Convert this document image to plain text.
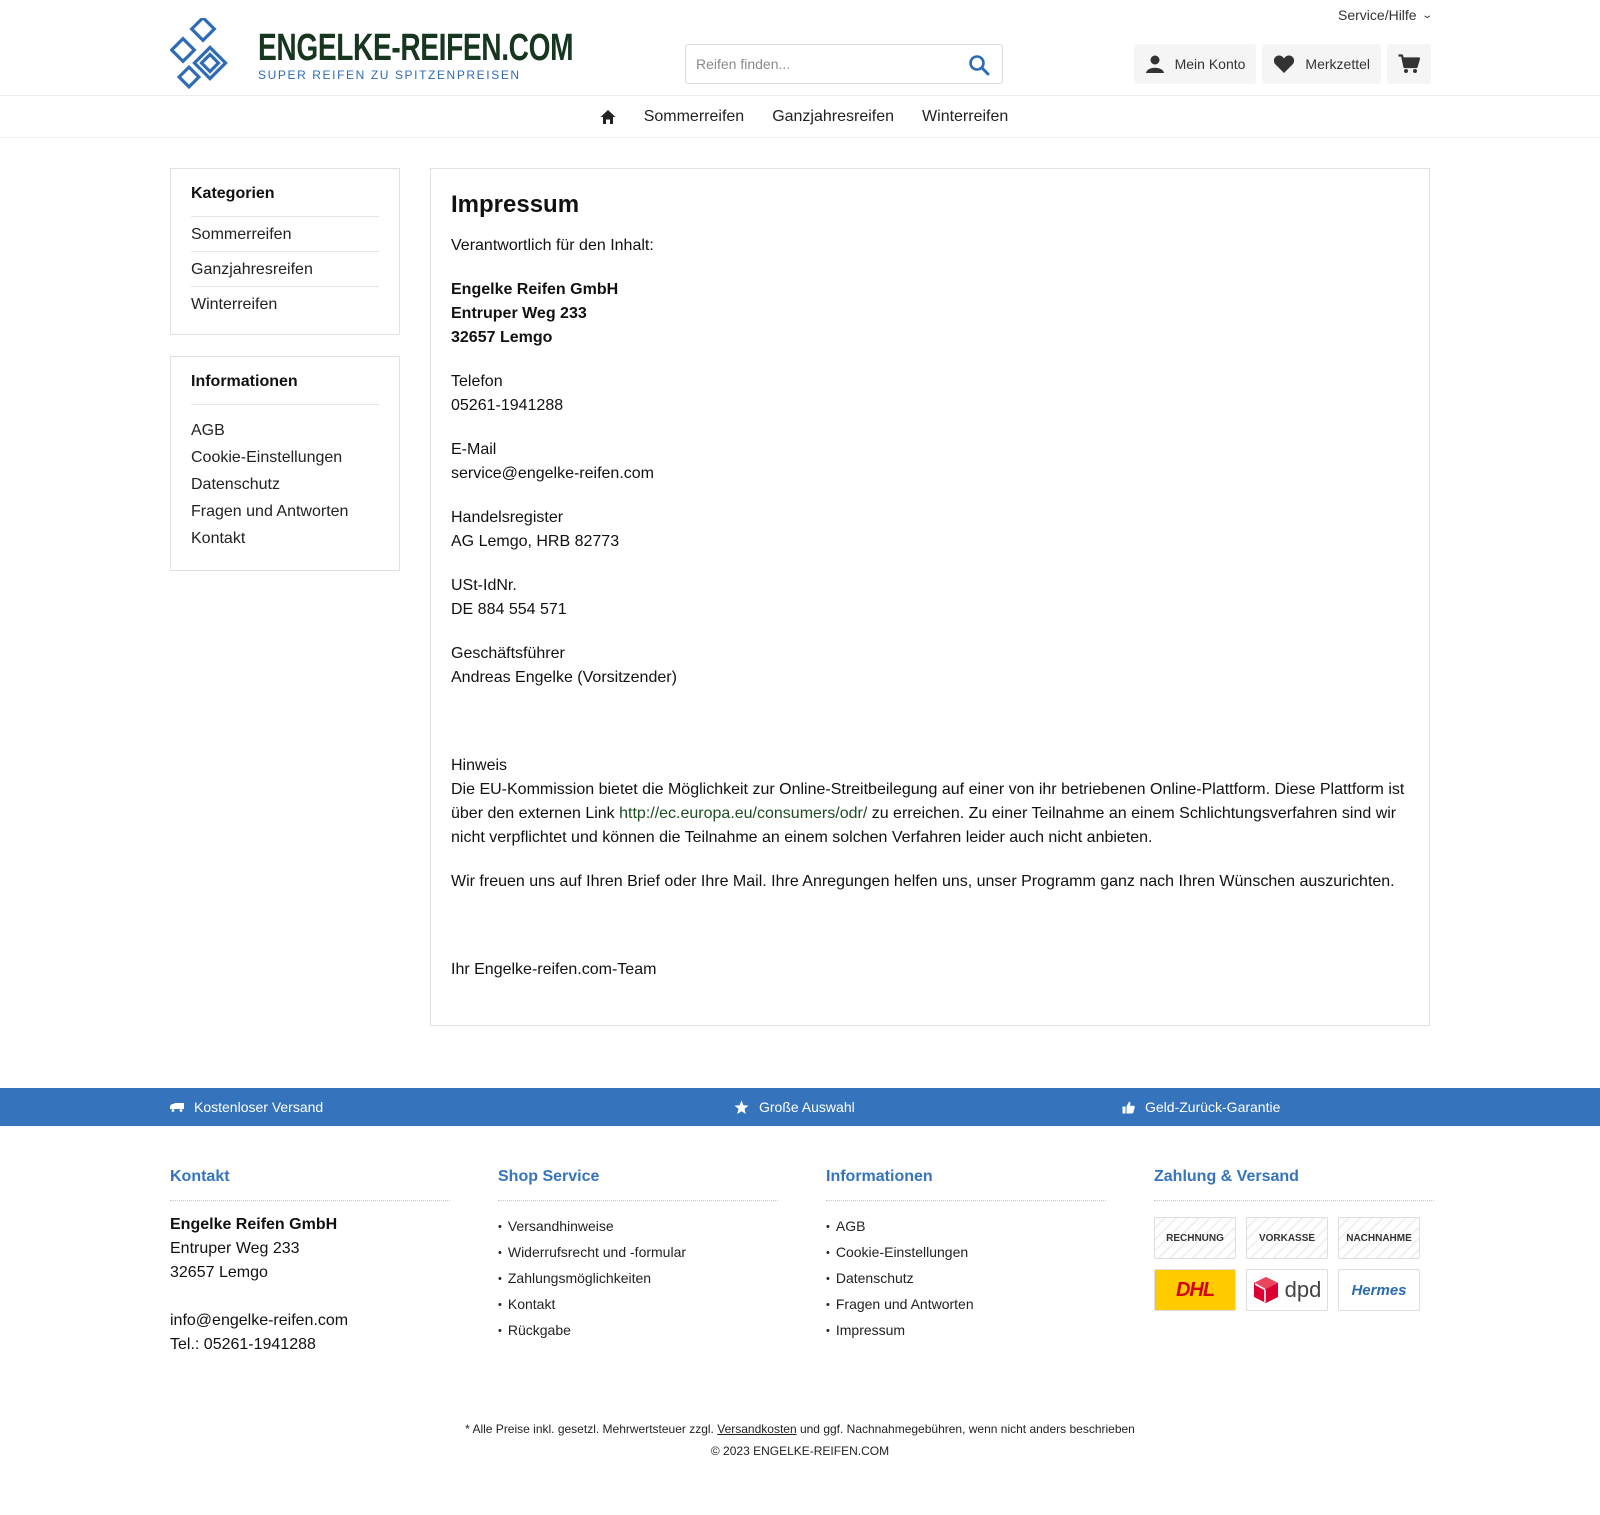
Service/Hilfe ⌄
ENGELKE-REIFEN.COM
SUPER REIFEN ZU SPITZENPREISEN
Reifen finden...
Mein Konto	Merkzettel
Sommerreifen Ganzjahresreifen Winterreifen
Kategorien
Sommerreifen
Ganzjahresreifen
Winterreifen
Informationen
AGB
Cookie-Einstellungen
Datenschutz
Fragen und Antworten
Kontakt
Impressum

Verantwortlich für den Inhalt:

Engelke Reifen GmbH
Entruper Weg 233
32657 Lemgo

Telefon
05261-1941288

E-Mail
service@engelke-reifen.com

Handelsregister
AG Lemgo, HRB 82773

USt-IdNr.
DE 884 554 571

Geschäftsführer
Andreas Engelke (Vorsitzender)

Hinweis
Die EU-Kommission bietet die Möglichkeit zur Online-Streitbeilegung auf einer von ihr betriebenen Online-Plattform. Diese Plattform ist über den externen Link http://ec.europa.eu/consumers/odr/ zu erreichen. Zu einer Teilnahme an einem Schlichtungsverfahren sind wir nicht verpflichtet und können die Teilnahme an einem solchen Verfahren leider auch nicht anbieten.

Wir freuen uns auf Ihren Brief oder Ihre Mail. Ihre Anregungen helfen uns, unser Programm ganz nach Ihren Wünschen auszurichten.

Ihr Engelke-reifen.com-Team

Kostenloser Versand	Große Auswahl	Geld-Zurück-Garantie
Kontakt
Engelke Reifen GmbH
Entruper Weg 233
32657 Lemgo

info@engelke-reifen.com
Tel.: 05261-1941288
Shop Service
• Versandhinweise
• Widerrufsrecht und -formular
• Zahlungsmöglichkeiten
• Kontakt
• Rückgabe
Informationen
• AGB
• Cookie-Einstellungen
• Datenschutz
• Fragen und Antworten
• Impressum
Zahlung & Versand
RECHNUNG	VORKASSE	NACHNAHME
DHL	dpd	Hermes
* Alle Preise inkl. gesetzl. Mehrwertsteuer zzgl. Versandkosten und ggf. Nachnahmegebühren, wenn nicht anders beschrieben
© 2023 ENGELKE-REIFEN.COM
